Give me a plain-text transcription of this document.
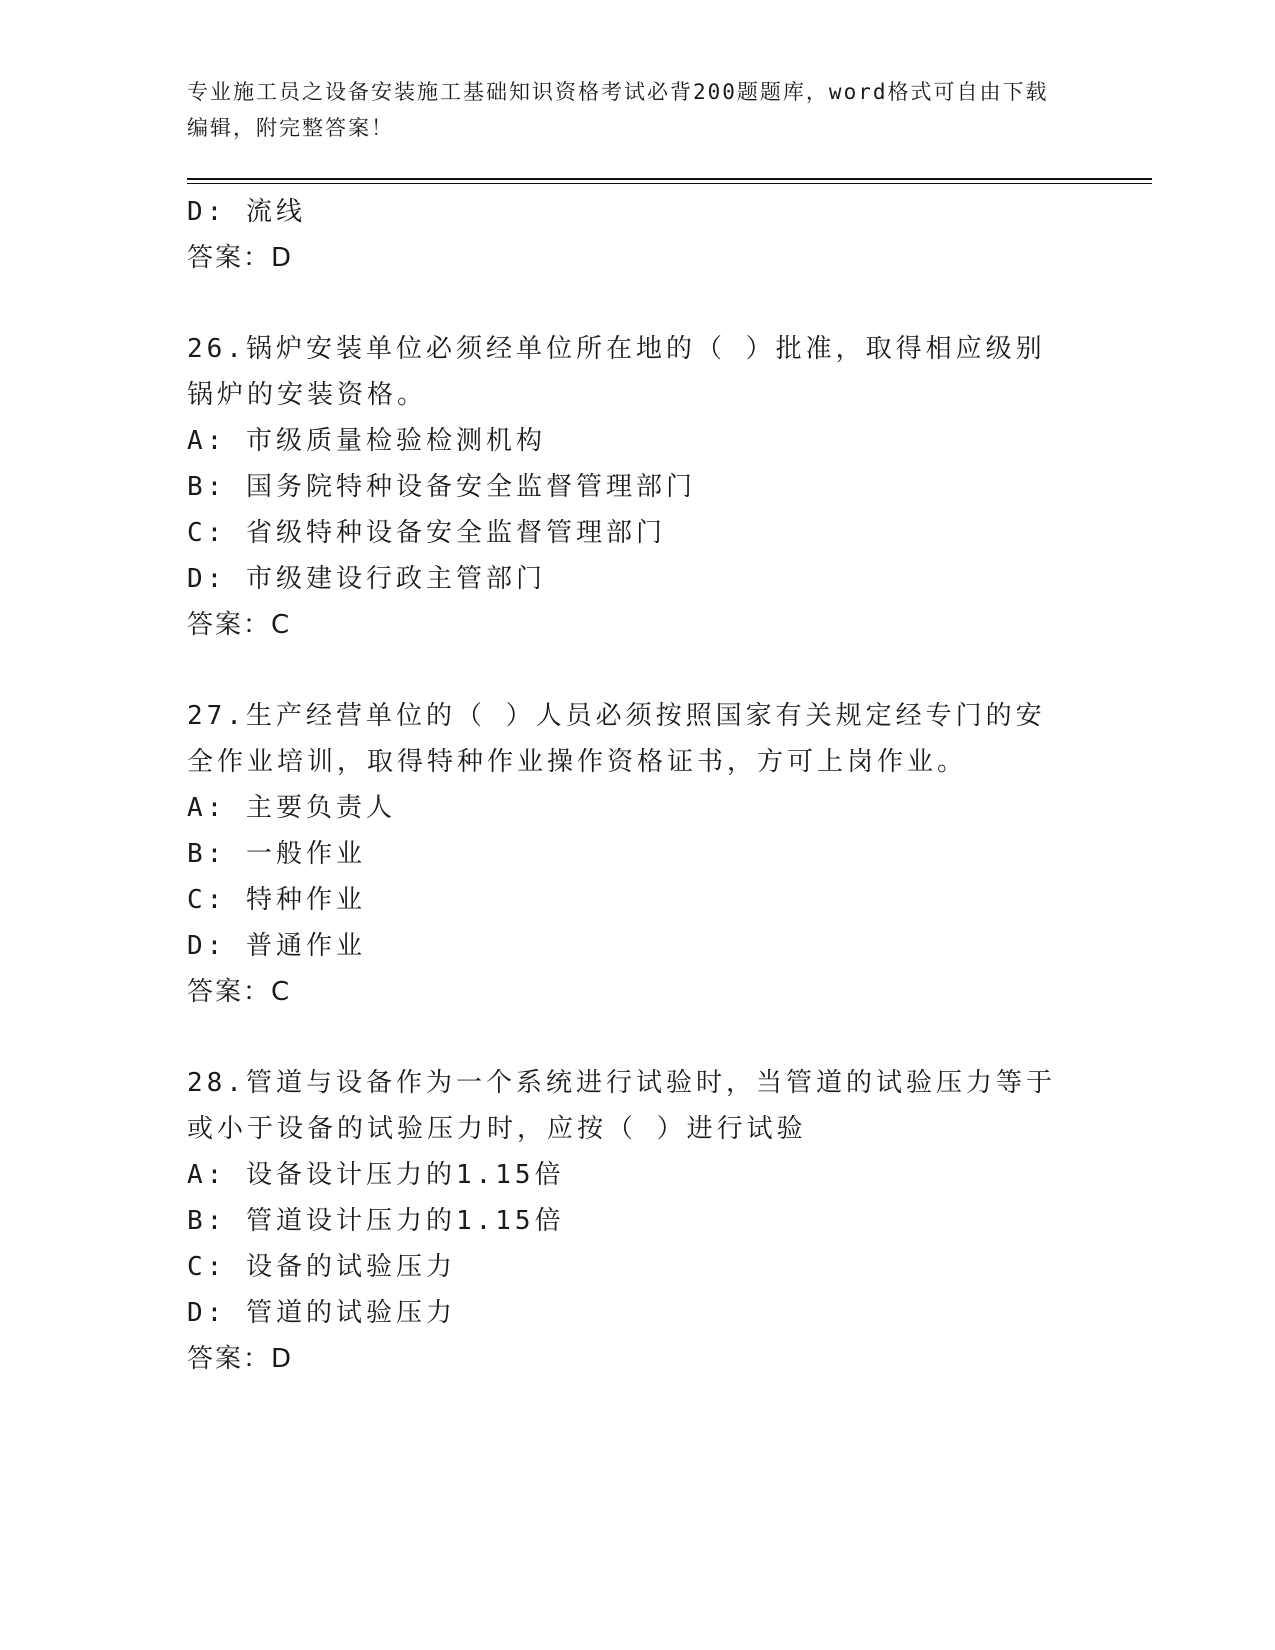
专业施工员之设备安装施工基础知识资格考试必背200题题库，word格式可自由下载编辑，附完整答案！

D: 流线

答案：D

26.锅炉安装单位必须经单位所在地的（ ）批准，取得相应级别锅炉的安装资格。

A: 市级质量检验检测机构

B: 国务院特种设备安全监督管理部门

C: 省级特种设备安全监督管理部门

D: 市级建设行政主管部门

答案：C

27.生产经营单位的（ ）人员必须按照国家有关规定经专门的安全作业培训，取得特种作业操作资格证书，方可上岗作业。

A: 主要负责人

B: 一般作业

C: 特种作业

D: 普通作业

答案：C

28.管道与设备作为一个系统进行试验时，当管道的试验压力等于或小于设备的试验压力时，应按（ ）进行试验

A: 设备设计压力的1.15倍

B: 管道设计压力的1.15倍

C: 设备的试验压力

D: 管道的试验压力

答案：D
